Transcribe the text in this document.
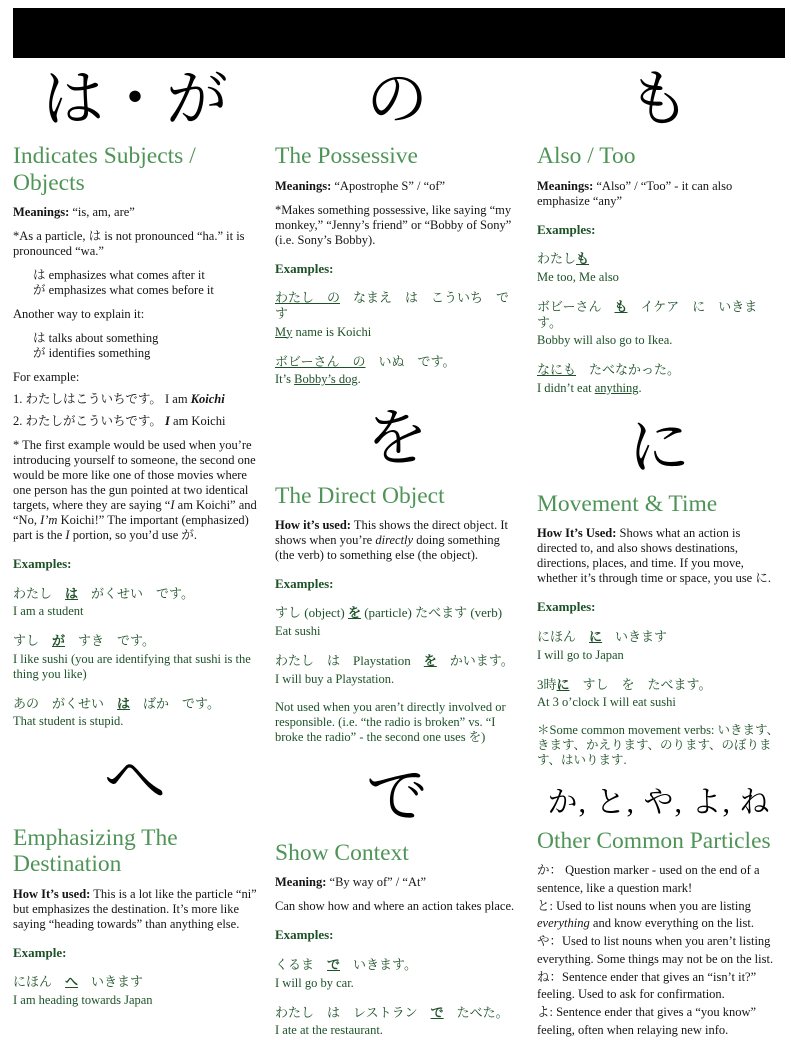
は・が
Indicates Subjects / Objects

Meanings: “is, am, are”

*As a particle, は is not pronounced “ha.” it is pronounced “wa.”

は emphasizes what comes after it

が emphasizes what comes before it

Another way to explain it:

は talks about something

が identifies something

For example:

1. わたしはこういちです。 I am Koichi

2. わたしがこういちです。 I am Koichi

* The first example would be used when you’re introducing yourself to someone, the second one would be more like one of those movies where one person has the gun pointed at two identical targets, where they are saying “I am Koichi” and “No, I’m Koichi!” The important (emphasized) part is the I portion, so you’d use が.

Examples:

わたし　は　がくせい　です。

I am a student

すし　が　すき　です。

I like sushi (you are identifying that sushi is the thing you like)

あの　がくせい　は　ばか　です。

That student is stupid.

へ
Emphasizing The Destination

How It’s used: This is a lot like the particle “ni” but emphasizes the destination. It’s more like saying “heading towards” than anything else.

Example:

にほん　へ　いきます

I am heading towards Japan

の
The Possessive

Meanings: “Apostrophe S” / “of”

*Makes something possessive, like saying “my monkey,” “Jenny’s friend” or “Bobby of Sony” (i.e. Sony’s Bobby).

Examples:

わたし　の　なまえ　は　こういち　です

My name is Koichi

ボビーさん　の　いぬ　です。

It’s Bobby’s dog.

を
The Direct Object

How it’s used: This shows the direct object. It shows when you’re directly doing something (the verb) to something else (the object).

Examples:

すし (object) を (particle) たべます (verb)

Eat sushi

わたし　は　Playstation　を　かいます。

I will buy a Playstation.

Not used when you aren’t directly involved or responsible. (i.e. “the radio is broken” vs. “I broke the radio” - the second one uses を)

で
Show Context

Meaning: “By way of” / “At”

Can show how and where an action takes place.

Examples:

くるま　で　いきます。

I will go by car.

わたし　は　レストラン　で　たべた。

I ate at the restaurant.

も
Also / Too

Meanings: “Also” / “Too” - it can also emphasize “any”

Examples:

わたしも

Me too, Me also

ボビーさん　も　イケア　に　いきます。

Bobby will also go to Ikea.

なにも　たべなかった。

I didn’t eat anything.

に
Movement & Time

How It’s Used: Shows what an action is directed to, and also shows destinations, directions, places, and time. If you move, whether it’s through time or space, you use に.

Examples:

にほん　に　いきます

I will go to Japan

3時に　すし　を　たべます。

At 3 o’clock I will eat sushi

＊Some common movement verbs: いきます、きます、かえります、のります、のぼります、はいります.

か, と, や, よ, ね
Other Common Particles

か： Question marker - used on the end of a sentence, like a question mark!

と: Used to list nouns when you are listing everything and know everything on the list.

や：Used to list nouns when you aren’t listing everything. Some things may not be on the list.

ね：Sentence ender that gives an “isn’t it?” feeling. Used to ask for confirmation.

よ: Sentence ender that gives a “you know” feeling, often when relaying new info.
